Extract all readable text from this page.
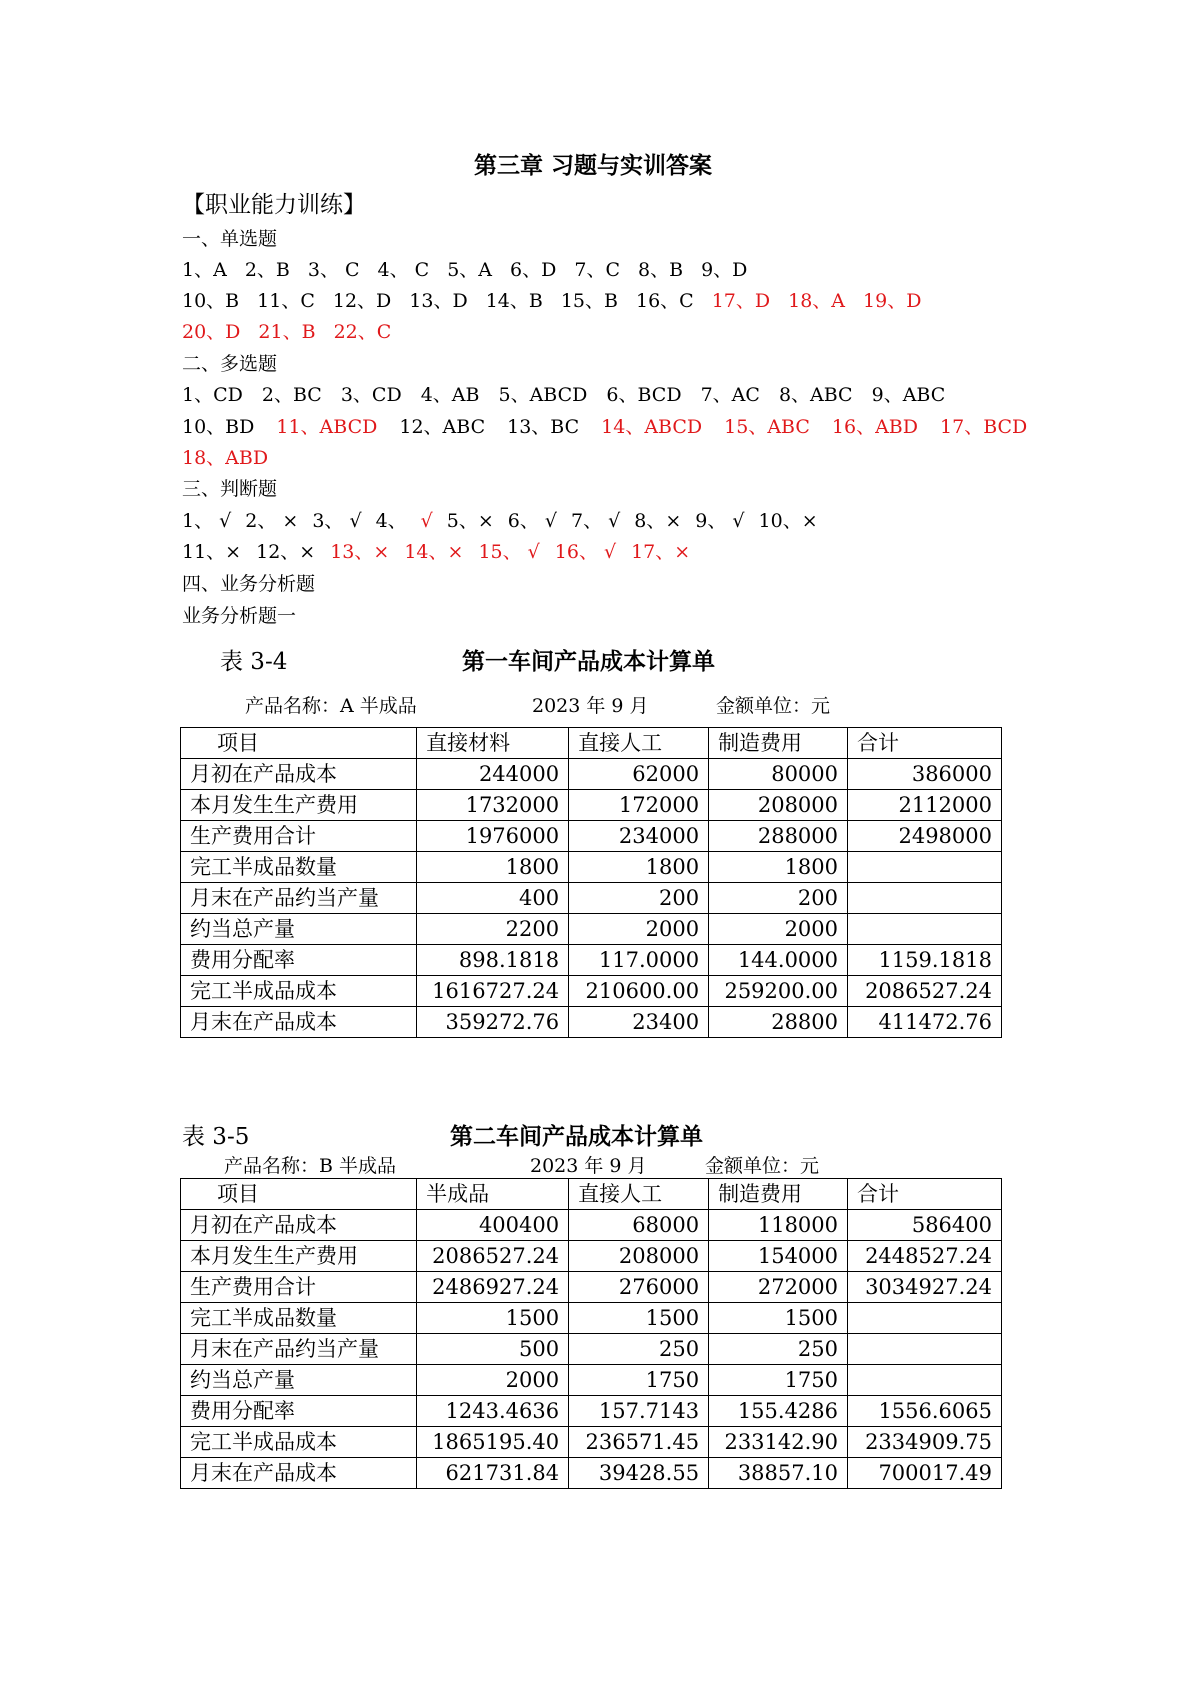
第三章 习题与实训答案
【职业能力训练】
一、单选题
1、A 2、B 3、 C 4、 C 5、A 6、D 7、C 8、B 9、D
10、B 11、C 12、D 13、D 14、B 15、B 16、C 17、D 18、A 19、D
20、D 21、B 22、C
二、多选题
1、CD 2、BC 3、CD 4、AB 5、ABCD 6、BCD 7、AC 8、ABC 9、ABC
10、BD 11、ABCD 12、ABC 13、BC 14、ABCD 15、ABC 16、ABD 17、BCD
18、ABD
三、判断题
1、 √ 2、 × 3、 √ 4、 √ 5、× 6、 √ 7、 √ 8、× 9、 √ 10、×
11、× 12、× 13、× 14、× 15、 √ 16、 √ 17、×
四、业务分析题
业务分析题一
表 3-4	第一车间产品成本计算单
产品名称：A 半成品	2023 年 9 月	金额单位：元
项目	直接材料	直接人工	制造费用	合计
月初在产品成本	244000	62000	80000	386000
本月发生生产费用	1732000	172000	208000	2112000
生产费用合计	1976000	234000	288000	2498000
完工半成品数量	1800	1800	1800	
月末在产品约当产量	400	200	200	
约当总产量	2200	2000	2000	
费用分配率	898.1818	117.0000	144.0000	1159.1818
完工半成品成本	1616727.24	210600.00	259200.00	2086527.24
月末在产品成本	359272.76	23400	28800	411472.76
表 3-5	第二车间产品成本计算单
产品名称：B 半成品	2023 年 9 月	金额单位：元
项目	半成品	直接人工	制造费用	合计
月初在产品成本	400400	68000	118000	586400
本月发生生产费用	2086527.24	208000	154000	2448527.24
生产费用合计	2486927.24	276000	272000	3034927.24
完工半成品数量	1500	1500	1500	
月末在产品约当产量	500	250	250	
约当总产量	2000	1750	1750	
费用分配率	1243.4636	157.7143	155.4286	1556.6065
完工半成品成本	1865195.40	236571.45	233142.90	2334909.75
月末在产品成本	621731.84	39428.55	38857.10	700017.49
